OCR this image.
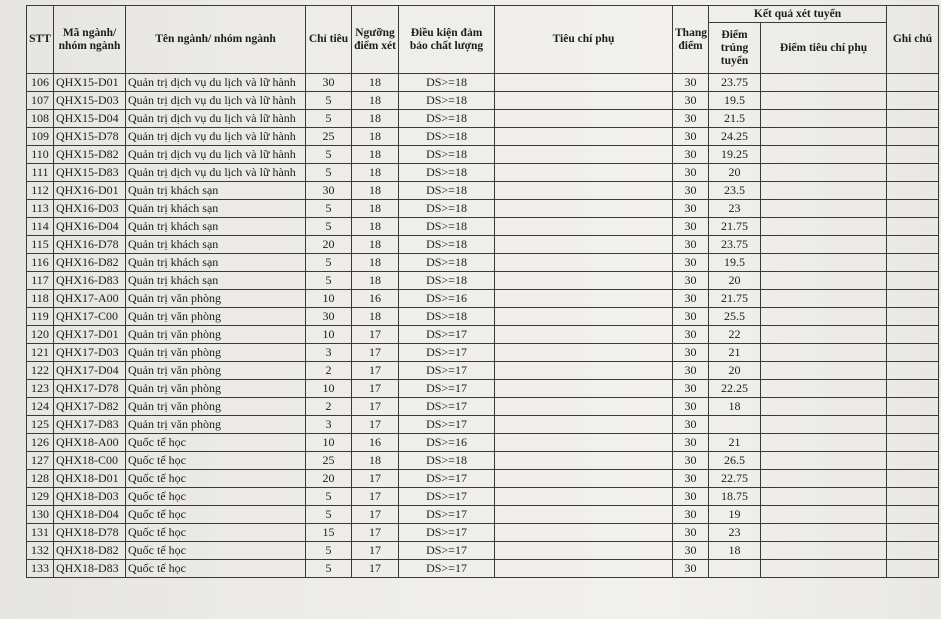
STT	Mã ngành/ nhóm ngành	Tên ngành/ nhóm ngành	Chỉ tiêu	Ngưỡng điểm xét	Điều kiện đảm bảo chất lượng	Tiêu chí phụ	Thang điểm	Kết quả xét tuyển		Ghi chú
								Điểm trúng tuyển	Điểm tiêu chí phụ	
106	QHX15-D01	Quản trị dịch vụ du lịch và lữ hành	30	18	DS>=18		30	23.75		
107	QHX15-D03	Quản trị dịch vụ du lịch và lữ hành	5	18	DS>=18		30	19.5		
108	QHX15-D04	Quản trị dịch vụ du lịch và lữ hành	5	18	DS>=18		30	21.5		
109	QHX15-D78	Quản trị dịch vụ du lịch và lữ hành	25	18	DS>=18		30	24.25		
110	QHX15-D82	Quản trị dịch vụ du lịch và lữ hành	5	18	DS>=18		30	19.25		
111	QHX15-D83	Quản trị dịch vụ du lịch và lữ hành	5	18	DS>=18		30	20		
112	QHX16-D01	Quản trị khách sạn	30	18	DS>=18		30	23.5		
113	QHX16-D03	Quản trị khách sạn	5	18	DS>=18		30	23		
114	QHX16-D04	Quản trị khách sạn	5	18	DS>=18		30	21.75		
115	QHX16-D78	Quản trị khách sạn	20	18	DS>=18		30	23.75		
116	QHX16-D82	Quản trị khách sạn	5	18	DS>=18		30	19.5		
117	QHX16-D83	Quản trị khách sạn	5	18	DS>=18		30	20		
118	QHX17-A00	Quản trị văn phòng	10	16	DS>=16		30	21.75		
119	QHX17-C00	Quản trị văn phòng	30	18	DS>=18		30	25.5		
120	QHX17-D01	Quản trị văn phòng	10	17	DS>=17		30	22		
121	QHX17-D03	Quản trị văn phòng	3	17	DS>=17		30	21		
122	QHX17-D04	Quản trị văn phòng	2	17	DS>=17		30	20		
123	QHX17-D78	Quản trị văn phòng	10	17	DS>=17		30	22.25		
124	QHX17-D82	Quản trị văn phòng	2	17	DS>=17		30	18		
125	QHX17-D83	Quản trị văn phòng	3	17	DS>=17		30			
126	QHX18-A00	Quốc tế học	10	16	DS>=16		30	21		
127	QHX18-C00	Quốc tế học	25	18	DS>=18		30	26.5		
128	QHX18-D01	Quốc tế học	20	17	DS>=17		30	22.75		
129	QHX18-D03	Quốc tế học	5	17	DS>=17		30	18.75		
130	QHX18-D04	Quốc tế học	5	17	DS>=17		30	19		
131	QHX18-D78	Quốc tế học	15	17	DS>=17		30	23		
132	QHX18-D82	Quốc tế học	5	17	DS>=17		30	18		
133	QHX18-D83	Quốc tế học	5	17	DS>=17		30			
